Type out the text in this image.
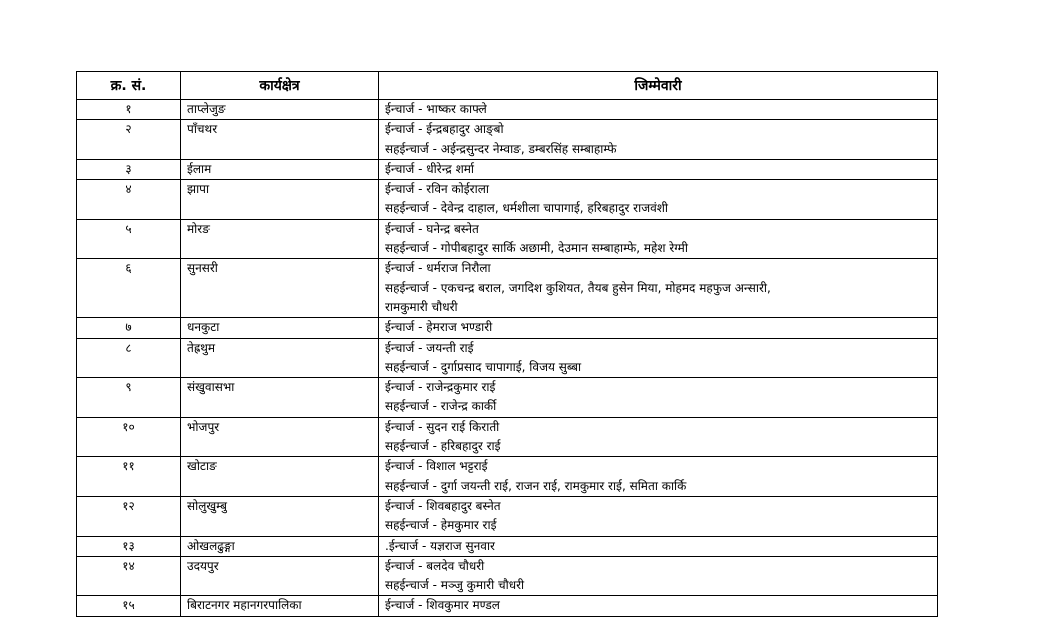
क्र. सं.	कार्यक्षेत्र	जिम्मेवारी

१	ताप्लेजुङ	ईन्चार्ज - भाष्कर काफ्ले

२	पाँचथर	ईन्चार्ज - ईन्द्रबहादुर आङ्बो
सहईन्चार्ज - अईन्द्रसुन्दर नेम्वाङ, डम्बरसिंह सम्बाहाम्फे

३	ईलाम	ईन्चार्ज - धीरेन्द्र शर्मा

४	झापा	ईन्चार्ज - रविन कोईराला
सहईन्चार्ज - देवेन्द्र दाहाल, धर्मशीला चापागाई, हरिबहादुर राजवंशी

५	मोरङ	ईन्चार्ज - घनेन्द्र बस्नेत
सहईन्चार्ज - गोपीबहादुर सार्कि अछामी, देउमान सम्बाहाम्फे, महेश रेग्मी

६	सुनसरी	ईन्चार्ज - धर्मराज निरौला
सहईन्चार्ज - एकचन्द्र बराल, जगदिश कुशियत, तैयब हुसेन मिया, मोहमद महफुज अन्सारी,
रामकुमारी चौधरी

७	धनकुटा	ईन्चार्ज - हेमराज भण्डारी

८	तेह्रथुम	ईन्चार्ज - जयन्ती राई
सहईन्चार्ज - दुर्गाप्रसाद चापागाई, विजय सुब्बा

९	संखुवासभा	ईन्चार्ज - राजेन्द्रकुमार राई
सहईन्चार्ज - राजेन्द्र कार्की

१०	भोजपुर	ईन्चार्ज - सुदन राई किराती
सहईन्चार्ज - हरिबहादुर राई

११	खोटाङ	ईन्चार्ज - विशाल भट्टराई
सहईन्चार्ज - दुर्गा जयन्ती राई, राजन राई, रामकुमार राई, समिता कार्कि

१२	सोलुखुम्बु	ईन्चार्ज - शिवबहादुर बस्नेत
सहईन्चार्ज - हेमकुमार राई

१३	ओखलढुङ्गा	.ईन्चार्ज - यज्ञराज सुनवार

१४	उदयपुर	ईन्चार्ज - बलदेव चौधरी
सहईन्चार्ज - मञ्जु कुमारी चौधरी

१५	बिराटनगर महानगरपालिका	ईन्चार्ज - शिवकुमार मण्डल
